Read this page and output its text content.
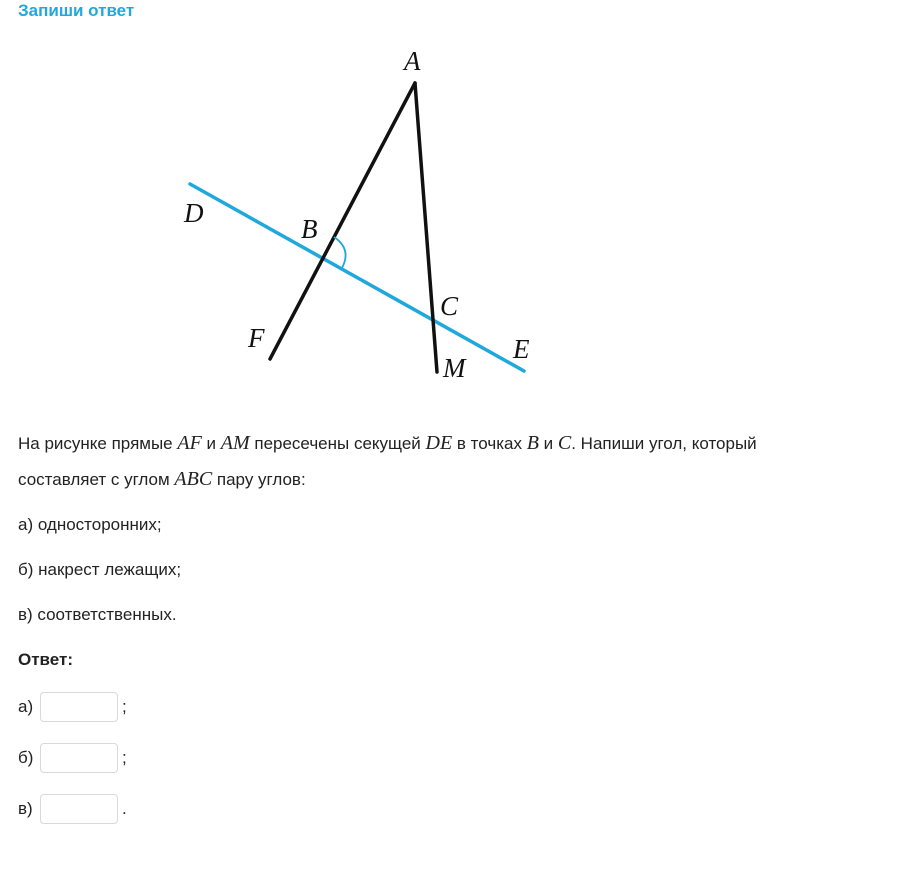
Запиши ответ
A
B
C
D
E
F
M
На рисунке прямые AF и AM пересечены секущей DE в точках B и C. Напиши угол, который
составляет с углом ABC пару углов:
а) односторонних;
б) накрест лежащих;
в) соответственных.
Ответ:
а)	;
б)	;
в)	.
